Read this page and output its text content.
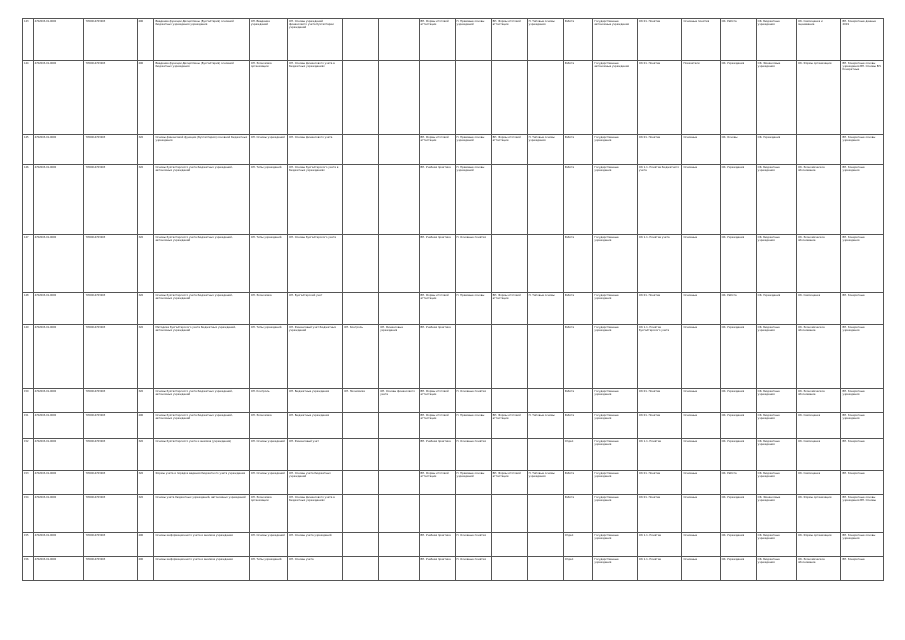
143	4702003-01-0000	7050014703003	496	Введение функции Дисциплины (Бухгалтерия) основной бюджетных учреждения учреждения	ОП. Введение учреждений	ОП. Основы учреждений финансового учета бухгалтерии учреждений			ВП. Формы итоговой аттестации	П. Правовые основы учреждений	ВП. Формы итоговой аттестации	П. Типовые основы учреждения	Работа	Государственные автономные учреждения	ОК 01. Понятие	Основные понятия	ОК. Работа	ОК. Бюджетные учреждения	ОК. Самооценка и оценивание	ВП. Конкретные данные 2019
144	4702003-01-0000	7050014703003	496	Введение функции Дисциплины (Бухгалтерия) основной бюджетных учреждения	ОП. Экономика организации	ОП. Основы финансового учета в бюджетных учреждениях							Работа	Государственные автономные учреждения	ОК 01. Понятие	Показатели	ОК. Учреждения	ОК. Финансовые учреждения	ОК. Формы организации	ВП. Конкретные основы учреждения ВП. Основы ВП. Конкретные
145	4702003-01-0000	7050014703003	326	Основы финансовой функции (Бухгалтерия) основной бюджетных учреждения	ОП. Основы учреждений	ОП. Основы финансового учета			ВП. Формы итоговой аттестации	П. Правовые основы учреждений	ВП. Формы итоговой аттестации	П. Типовые основы учреждения	Работа	Государственные учреждения	ОК 01. Понятие	Основные	ОК. Основы	ОК. Учреждения		ВП. Конкретные основы учреждения
146	4702003-01-0000	7050014703003	326	Основы бухгалтерского учета бюджетных учреждений, автономных учреждений	ОП. Типы учреждений	ОП. Основы бухгалтерского учета в бюджетных учреждениях			ВП. Учебная практика	П. Правовые основы учреждений			Работа	Государственные учреждения	ОК 1.1. Понятие бюджетного учета	Основные	ОК. Учреждения	ОК. Бюджетные учреждения	ОК. Экономическое обоснование	ВП. Конкретные учреждения
147	4702003-01-0000	7050014703003	326	Основы бухгалтерского учета бюджетных учреждений, автономных учреждений	ОП. Типы учреждений	ОП. Основы бухгалтерского учета			ВП. Учебная практика	П. Основные понятия			Работа	Государственные учреждения	ОК 1.1. Понятие учета	Основные	ОК. Учреждения	ОК. Бюджетные учреждения	ОК. Экономическое обоснование	ВП. Конкретные учреждения
148	4702003-01-0000	7050014703003	326	Основы бухгалтерского учета бюджетных учреждений, автономных учреждений	ОП. Экономика	ОП. Бухгалтерский учет			ВП. Формы итоговой аттестации	П. Правовые основы	ВП. Формы итоговой аттестации	П. Типовые основы	Работа	Государственные учреждения	ОК 01. Понятие	Основные	ОК. Работа	ОК. Учреждения	ОК. Самооценка	ВП. Конкретные
149	4702003-01-0000	7050014703003	326	Методика бухгалтерского учета бюджетных учреждений, автономных учреждений	ОП. Типы учреждений	ОП. Финансовый учет бюджетных учреждений	ОП. Контроль	ОП. Финансовые учреждения	ВП. Учебная практика				Работа	Государственные учреждения	ОК 1.1. Понятие бухгалтерского учета	Основные	ОК. Учреждения	ОК. Бюджетные учреждения	ОК. Экономическое обоснование	ВП. Конкретные учреждения
150	4702003-01-0000	7050014703003	326	Основы бухгалтерского учета бюджетных учреждений, автономных учреждений	ОП. Контроль	ОП. Бюджетные учреждения	ОП. Экономика	ОП. Основы финансового учета	ВП. Формы итоговой аттестации	П. Основные понятия			Работа	Государственные учреждения	ОК 01. Понятие	Основные	ОК. Учреждения	ОК. Бюджетные учреждения	ОК. Экономическое обоснование	ВП. Конкретные учреждения
151	4702003-01-0000	7050014703003	496	Основы бухгалтерского учета бюджетных учреждений, автономных учреждений	ОП. Экономика	ОП. Бюджетные учреждения			ВП. Формы итоговой аттестации	П. Правовые основы	ВП. Формы итоговой аттестации	П. Типовые основы	Работа	Государственные учреждения	ОК 01. Понятие	Основные	ОК. Учреждения	ОК. Бюджетные учреждения	ОК. Самооценка	ВП. Конкретные учреждения
152	4702003-01-0000	7050014703003	326	Основы бухгалтерского учета и анализа (учреждения)	ОП. Основы учреждений	ОП. Финансовый учет			ВП. Учебная практика	П. Основные понятия			Отдел	Государственные учреждения	ОК 1.1. Понятие	Основные	ОК. Учреждения	ОК. Бюджетные учреждения	ОК. Самооценка	ВП. Конкретные
153	4702003-01-0000	7050014703003	326	Формы учета и порядок ведения бюджетного учета учреждения	ОП. Основы учреждений	ОП. Основы учета бюджетных учреждений			ВП. Формы итоговой аттестации	П. Правовые основы учреждений	ВП. Формы итоговой аттестации	П. Типовые основы учреждения	Работа	Государственные учреждения	ОК 01. Понятие	Основные	ОК. Работа	ОК. Бюджетные учреждения	ОК. Самооценка	ВП. Конкретные
154	4702003-01-0000	7050014703003	326	Основы учета бюджетных учреждений, автономных учреждений	ОП. Экономика организации	ОП. Основы финансового учета в бюджетных учреждениях							Работа	Государственные учреждения	ОК 01. Понятие	Основные	ОК. Учреждения	ОК. Финансовые учреждения	ОК. Формы организации	ВП. Конкретные основы учреждения ВП. Основы
155	4702003-01-0000	7050014703003	496	Основы информационного учета и анализа учреждения	ОП. Основы учреждений	ОП. Основы учета учреждений			ВП. Учебная практика	П. Основные понятия			Отдел	Государственные учреждения	ОК 1.1. Понятие	Основные	ОК. Учреждения	ОК. Бюджетные учреждения	ОК. Формы организации	ВП. Конкретные основы учреждения
156	4702003-01-0000	7050014703003	496	Основы информационного учета и анализа учреждения	ОП. Типы учреждений	ОП. Основы учета			ВП. Учебная практика	П. Основные понятия			Отдел	Государственные учреждения	ОК 1.1. Понятие	Основные	ОК. Учреждения	ОК. Бюджетные учреждения	ОК. Экономическое обоснование	ВП. Конкретные
